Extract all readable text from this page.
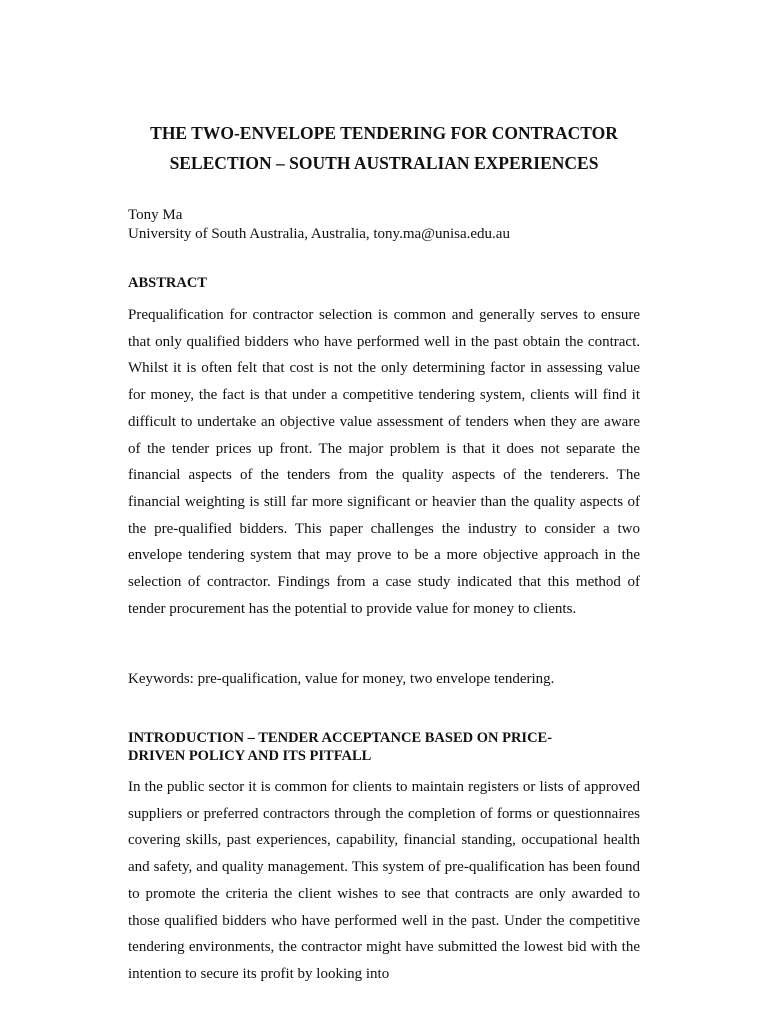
THE TWO-ENVELOPE TENDERING FOR CONTRACTOR
SELECTION – SOUTH AUSTRALIAN EXPERIENCES
Tony Ma
University of South Australia, Australia, tony.ma@unisa.edu.au
ABSTRACT

Prequalification for contractor selection is common and generally serves to ensure that only qualified bidders who have performed well in the past obtain the contract. Whilst it is often felt that cost is not the only determining factor in assessing value for money, the fact is that under a competitive tendering system, clients will find it difficult to undertake an objective value assessment of tenders when they are aware of the tender prices up front. The major problem is that it does not separate the financial aspects of the tenders from the quality aspects of the tenderers. The financial weighting is still far more significant or heavier than the quality aspects of the pre-qualified bidders. This paper challenges the industry to consider a two envelope tendering system that may prove to be a more objective approach in the selection of contractor. Findings from a case study indicated that this method of tender procurement has the potential to provide value for money to clients.

Keywords: pre-qualification, value for money, two envelope tendering.

INTRODUCTION – TENDER ACCEPTANCE BASED ON PRICE-
DRIVEN POLICY AND ITS PITFALL

In the public sector it is common for clients to maintain registers or lists of approved suppliers or preferred contractors through the completion of forms or questionnaires covering skills, past experiences, capability, financial standing, occupational health and safety, and quality management. This system of pre-qualification has been found to promote the criteria the client wishes to see that contracts are only awarded to those qualified bidders who have performed well in the past. Under the competitive tendering environments, the contractor might have submitted the lowest bid with the intention to secure its profit by looking into
